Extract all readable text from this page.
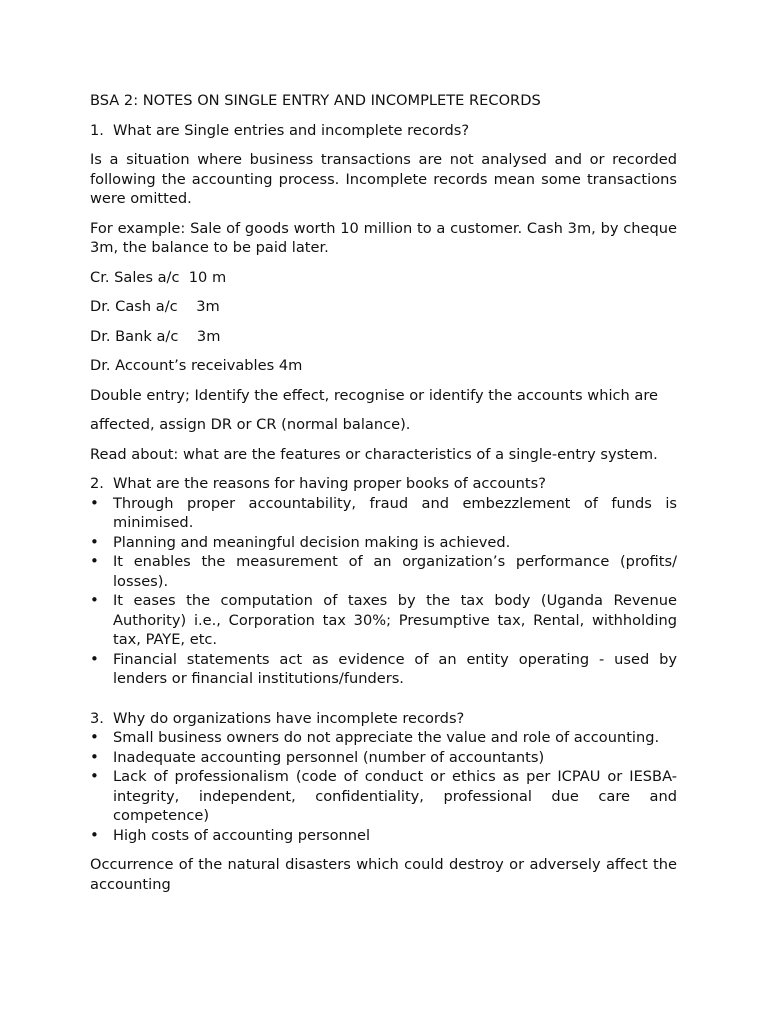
BSA 2: NOTES ON SINGLE ENTRY AND INCOMPLETE RECORDS

1. What are Single entries and incomplete records?

Is a situation where business transactions are not analysed and or recorded following the accounting process. Incomplete records mean some transactions were omitted.

For example: Sale of goods worth 10 million to a customer. Cash 3m, by cheque 3m, the balance to be paid later.

Cr. Sales a/c  10 m

Dr. Cash a/c    3m

Dr. Bank a/c    3m

Dr. Account’s receivables 4m

Double entry; Identify the effect, recognise or identify the accounts which are

affected, assign DR or CR (normal balance).

Read about: what are the features or characteristics of a single-entry system.

2. What are the reasons for having proper books of accounts?
• Through proper accountability, fraud and embezzlement of funds is minimised.
• Planning and meaningful decision making is achieved.
• It enables the measurement of an organization’s performance (profits/ losses).
• It eases the computation of taxes by the tax body (Uganda Revenue Authority) i.e., Corporation tax 30%; Presumptive tax, Rental, withholding tax, PAYE, etc.
• Financial statements act as evidence of an entity operating - used by lenders or financial institutions/funders.
3. Why do organizations have incomplete records?
• Small business owners do not appreciate the value and role of accounting.
• Inadequate accounting personnel (number of accountants)
• Lack of professionalism (code of conduct or ethics as per ICPAU or IESBA-integrity, independent, confidentiality, professional due care and competence)
• High costs of accounting personnel

Occurrence of the natural disasters which could destroy or adversely affect the accounting
